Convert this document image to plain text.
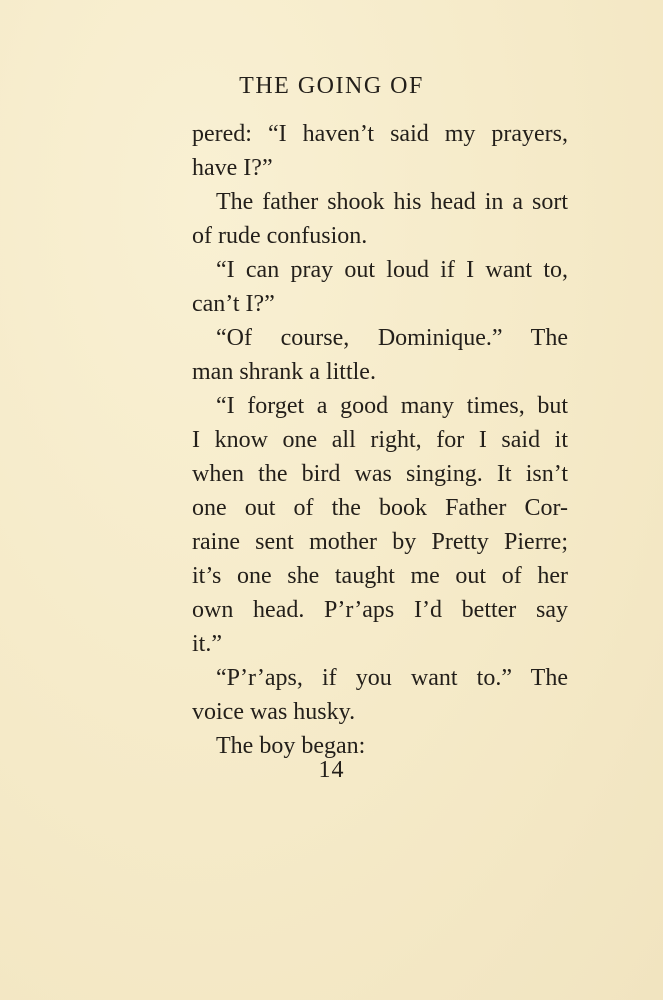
THE GOING OF
pered: “I haven’t said my prayers,
have I?”
The father shook his head in a sort
of rude confusion.
“I can pray out loud if I want to,
can’t I?”
“Of course, Dominique.” The
man shrank a little.
“I forget a good many times, but
I know one all right, for I said it
when the bird was singing. It isn’t
one out of the book Father Cor-
raine sent mother by Pretty Pierre;
it’s one she taught me out of her
own head. P’r’aps I’d better say
it.”
“P’r’aps, if you want to.” The
voice was husky.
The boy began:
14
